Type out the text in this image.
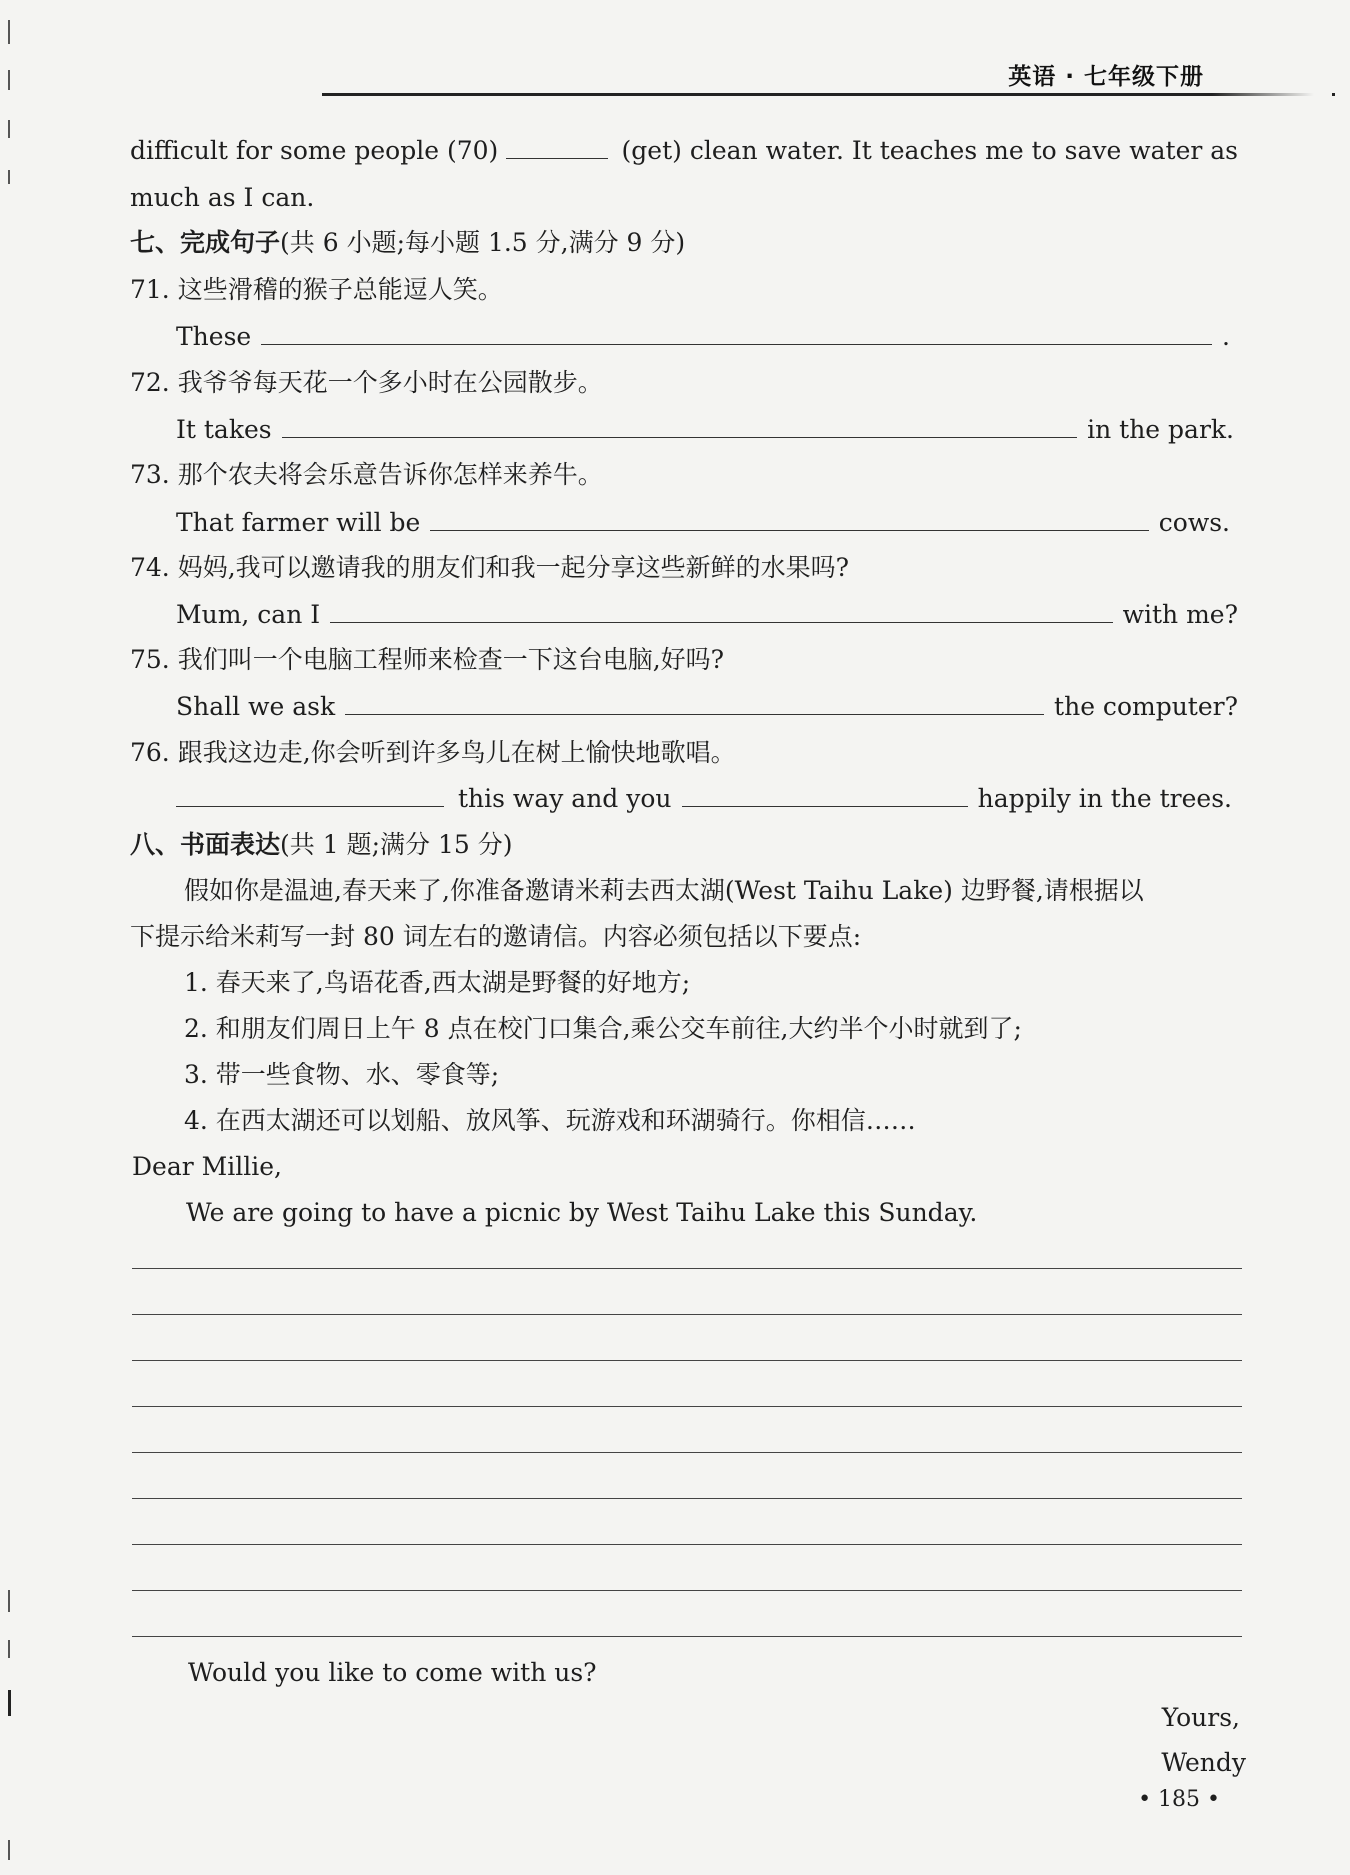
英语 · 七年级下册
difficult for some people (70)	(get) clean water. It teaches me to save water as
much as I can.
七、完成句子(共 6 小题;每小题 1.5 分,满分 9 分)
71. 这些滑稽的猴子总能逗人笑。
These	.
72. 我爷爷每天花一个多小时在公园散步。
It takes	in the park.
73. 那个农夫将会乐意告诉你怎样来养牛。
That farmer will be	cows.
74. 妈妈,我可以邀请我的朋友们和我一起分享这些新鲜的水果吗?
Mum, can I	with me?
75. 我们叫一个电脑工程师来检查一下这台电脑,好吗?
Shall we ask	the computer?
76. 跟我这边走,你会听到许多鸟儿在树上愉快地歌唱。
this way and you	happily in the trees.
八、书面表达(共 1 题;满分 15 分)
假如你是温迪,春天来了,你准备邀请米莉去西太湖(West Taihu Lake) 边野餐,请根据以
下提示给米莉写一封 80 词左右的邀请信。内容必须包括以下要点:
1. 春天来了,鸟语花香,西太湖是野餐的好地方;
2. 和朋友们周日上午 8 点在校门口集合,乘公交车前往,大约半个小时就到了;
3. 带一些食物、水、零食等;
4. 在西太湖还可以划船、放风筝、玩游戏和环湖骑行。你相信……
Dear Millie,
We are going to have a picnic by West Taihu Lake this Sunday.
Would you like to come with us?
Yours,
Wendy
• 185 •
